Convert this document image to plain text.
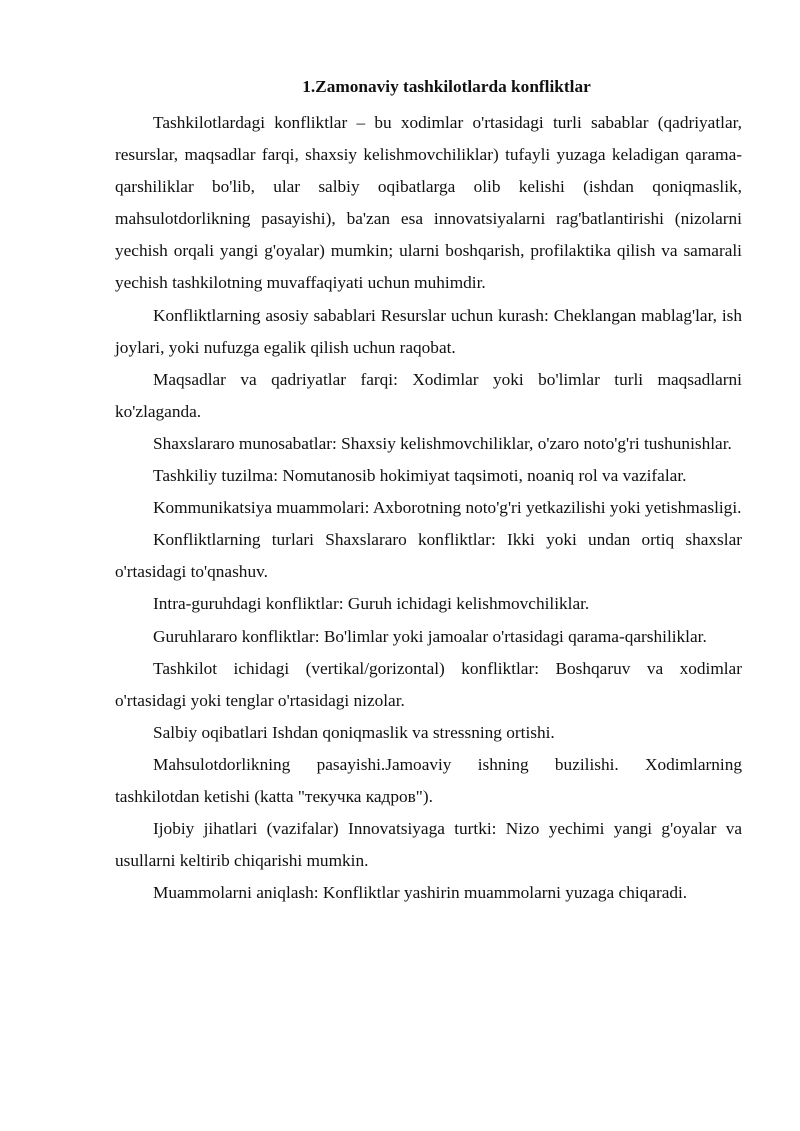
1.Zamonaviy tashkilotlarda konfliktlar

Tashkilotlardagi konfliktlar – bu xodimlar o'rtasidagi turli sabablar (qadriyatlar, resurslar, maqsadlar farqi, shaxsiy kelishmovchiliklar) tufayli yuzaga keladigan qarama-qarshiliklar bo'lib, ular salbiy oqibatlarga olib kelishi (ishdan qoniqmaslik, mahsulotdorlikning pasayishi), ba'zan esa innovatsiyalarni rag'batlantirishi (nizolarni yechish orqali yangi g'oyalar) mumkin; ularni boshqarish, profilaktika qilish va samarali yechish tashkilotning muvaffaqiyati uchun muhimdir.

Konfliktlarning asosiy sabablari Resurslar uchun kurash: Cheklangan mablag'lar, ish joylari, yoki nufuzga egalik qilish uchun raqobat.

Maqsadlar va qadriyatlar farqi: Xodimlar yoki bo'limlar turli maqsadlarni ko'zlaganda.

Shaxslararo munosabatlar: Shaxsiy kelishmovchiliklar, o'zaro noto'g'ri tushunishlar.

Tashkiliy tuzilma: Nomutanosib hokimiyat taqsimoti, noaniq rol va vazifalar.

Kommunikatsiya muammolari: Axborotning noto'g'ri yetkazilishi yoki yetishmasligi.

Konfliktlarning turlari Shaxslararo konfliktlar: Ikki yoki undan ortiq shaxslar o'rtasidagi to'qnashuv.

Intra-guruhdagi konfliktlar: Guruh ichidagi kelishmovchiliklar.

Guruhlararo konfliktlar: Bo'limlar yoki jamoalar o'rtasidagi qarama-qarshiliklar.

Tashkilot ichidagi (vertikal/gorizontal) konfliktlar: Boshqaruv va xodimlar o'rtasidagi yoki tenglar o'rtasidagi nizolar.

Salbiy oqibatlari Ishdan qoniqmaslik va stressning ortishi.

Mahsulotdorlikning pasayishi.Jamoaviy ishning buzilishi. Xodimlarning tashkilotdan ketishi (katta "текучка кадров").

Ijobiy jihatlari (vazifalar) Innovatsiyaga turtki: Nizo yechimi yangi g'oyalar va usullarni keltirib chiqarishi mumkin.

Muammolarni aniqlash: Konfliktlar yashirin muammolarni yuzaga chiqaradi.
